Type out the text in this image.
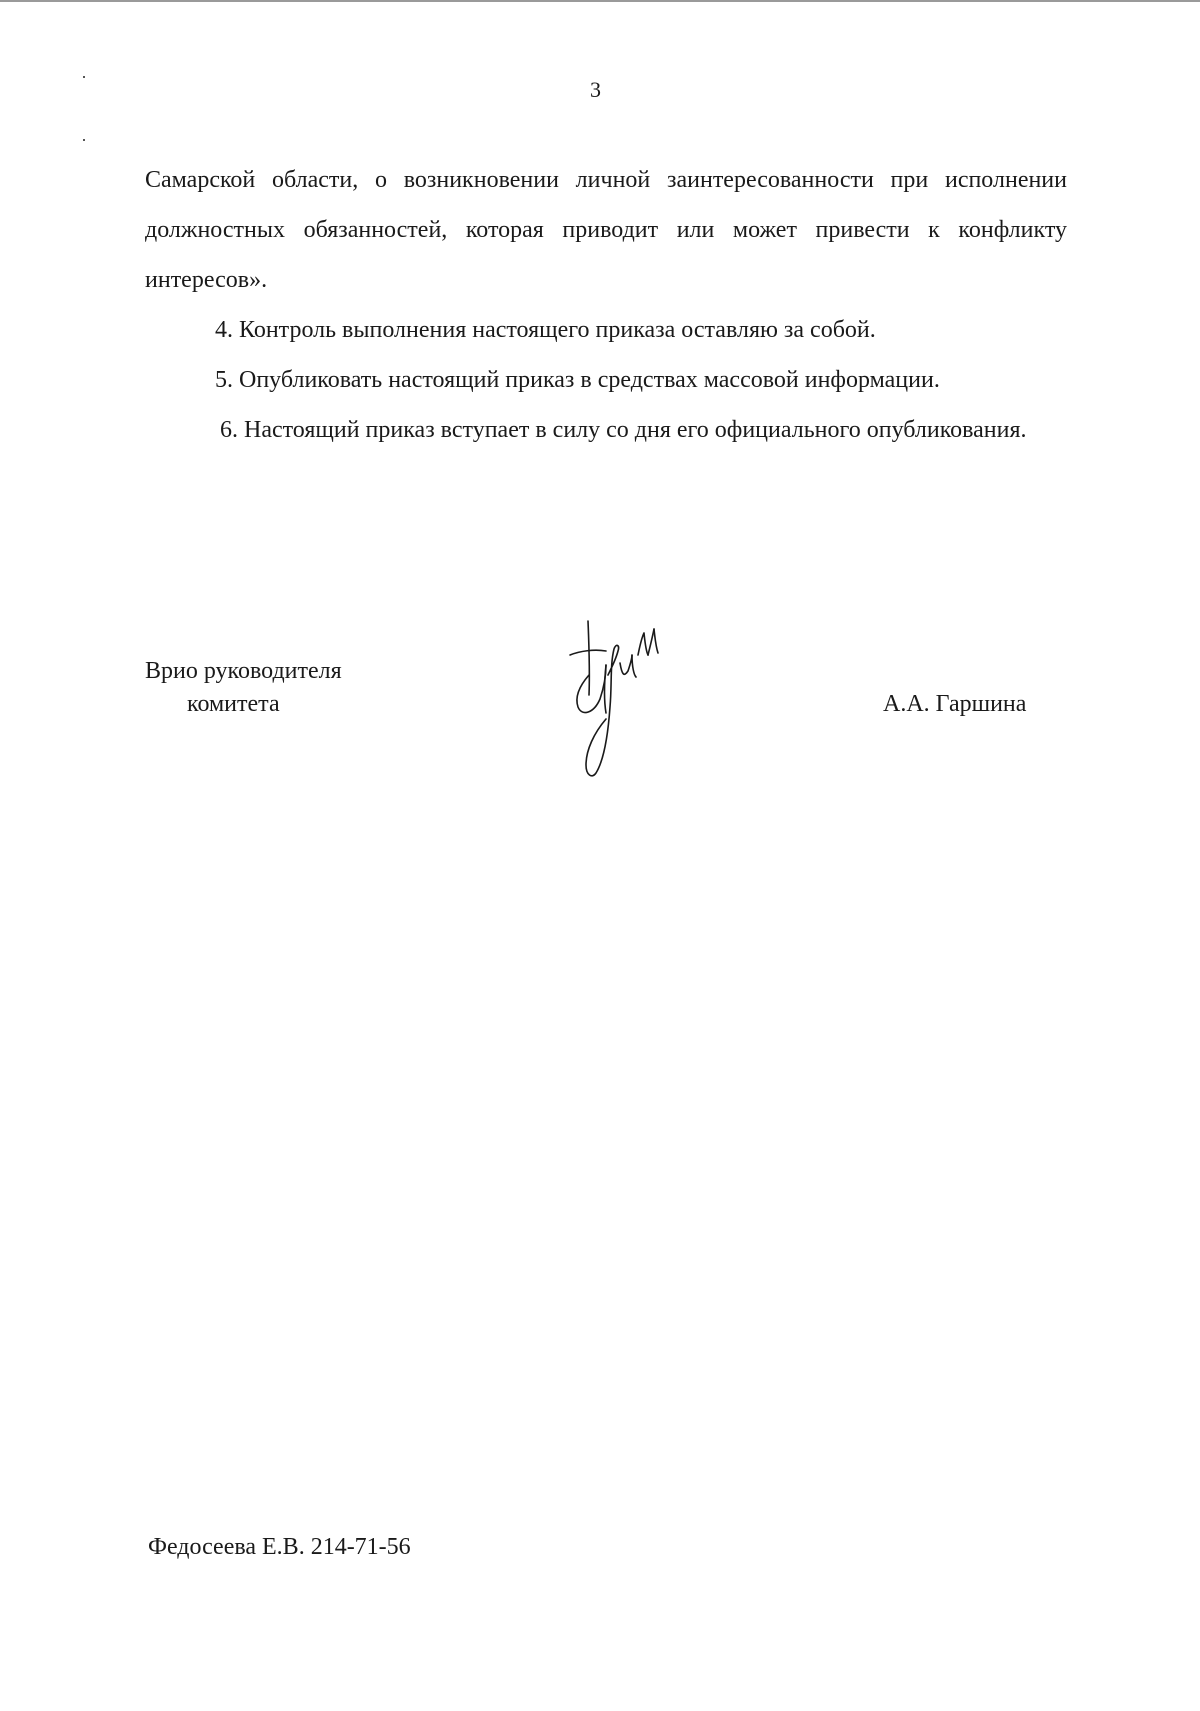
3

Самарской области, о возникновении личной заинтересованности при исполнении должностных обязанностей, которая приводит или может привести к конфликту интересов».

4. Контроль выполнения настоящего приказа оставляю за собой.

5. Опубликовать настоящий приказ в средствах массовой информации.

6. Настоящий приказ вступает в силу со дня его официального опубликования.

Врио руководителя
комитета	А.А. Гаршина
Федосеева Е.В. 214-71-56
